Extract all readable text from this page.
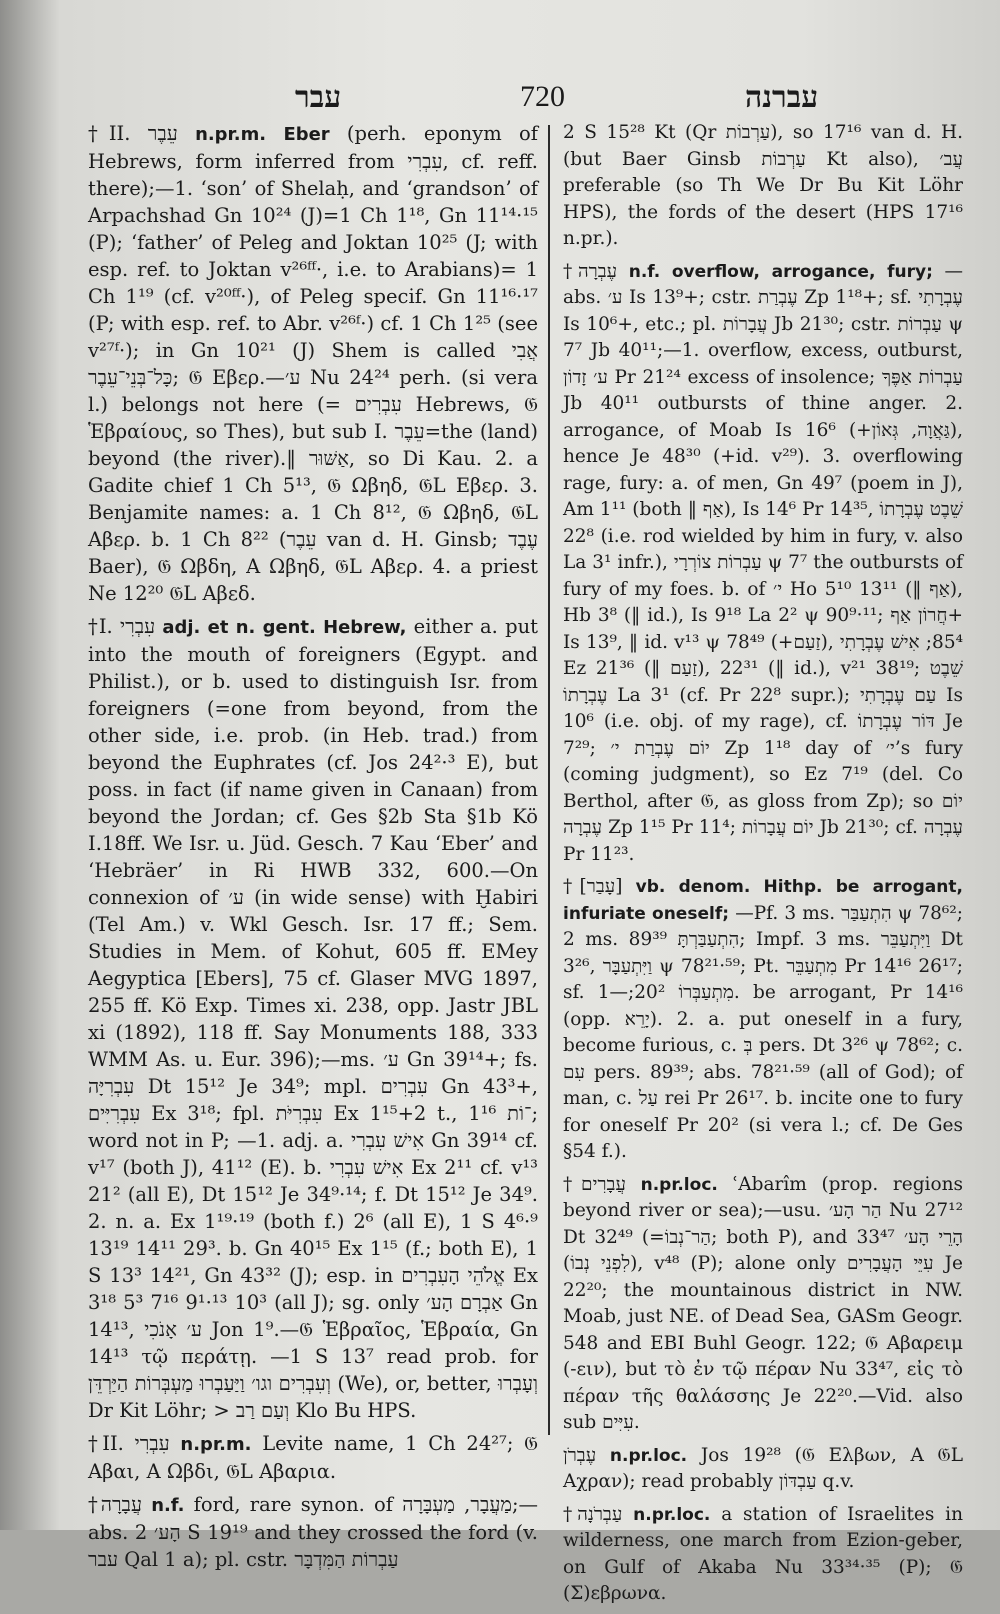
עבר	720	עברנה
†II. עֵבֶר n.pr.m. Eber (perh. eponym of Hebrews, form inferred from עִבְרִי, cf. reff. there);—1. ‘son’ of Shelaḥ, and ‘grandson’ of Arpachshad Gn 10²⁴ (J)=1 Ch 1¹⁸, Gn 11¹⁴·¹⁵ (P); ‘father’ of Peleg and Joktan 10²⁵ (J; with esp. ref. to Joktan v²⁶ᶠᶠ·, i.e. to Arabians)= 1 Ch 1¹⁹ (cf. v²⁰ᶠᶠ·), of Peleg specif. Gn 11¹⁶·¹⁷ (P; with esp. ref. to Abr. v²⁶ᶠ·) cf. 1 Ch 1²⁵ (see v²⁷ᶠ·); in Gn 10²¹ (J) Shem is called אֲבִי כָּל־בְּנֵי־עֵבֶר; 𝔊 Εβερ.—ע׳ Nu 24²⁴ perh. (si vera l.) belongs not here (= עִבְרִים Hebrews, 𝔊 Ἑβραίους, so Thes), but sub I. עֵבֶר=the (land) beyond (the river).‖ אַשּׁוּר, so Di Kau. 2. a Gadite chief 1 Ch 5¹³, 𝔊 Ωβηδ, 𝔊L Εβερ. 3. Benjamite names: a. 1 Ch 8¹², 𝔊 Ωβηδ, 𝔊L Αβερ. b. 1 Ch 8²² (עֵבֶר van d. H. Ginsb; עֶבֶד Baer), 𝔊 Ωβδη, A Ωβηδ, 𝔊L Αβερ. 4. a priest Ne 12²⁰ 𝔊L Αβεδ.
†I. עִבְרִי adj. et n. gent. Hebrew, either a. put into the mouth of foreigners (Egypt. and Philist.), or b. used to distinguish Isr. from foreigners (=one from beyond, from the other side, i.e. prob. (in Heb. trad.) from beyond the Euphrates (cf. Jos 24²·³ E), but poss. in fact (if name given in Canaan) from beyond the Jordan; cf. Ges §2b Sta §1b Kö I.18ff. We Isr. u. Jüd. Gesch. 7 Kau ‘Eber’ and ‘Hebräer’ in Ri HWB 332, 600.—On connexion of ע׳ (in wide sense) with Ḫabiri (Tel Am.) v. Wkl Gesch. Isr. 17 ff.; Sem. Studies in Mem. of Kohut, 605 ff. EMey Aegyptica [Ebers], 75 cf. Glaser MVG 1897, 255 ff. Kö Exp. Times xi. 238, opp. Jastr JBL xi (1892), 118 ff. Say Monuments 188, 333 WMM As. u. Eur. 396);—ms. ע׳ Gn 39¹⁴+; fs. עִבְרִיָּה Dt 15¹² Je 34⁹; mpl. עִבְרִים Gn 43³+, עִבְרִיִּים Ex 3¹⁸; fpl. עִבְרִיֹּת Ex 1¹⁵+2 t., ־וֹת 1¹⁶; word not in P; —1. adj. a. אִישׁ עִבְרִי Gn 39¹⁴ cf. v¹⁷ (both J), 41¹² (E). b. אִישׁ עִבְרִי Ex 2¹¹ cf. v¹³ 21² (all E), Dt 15¹² Je 34⁹·¹⁴; f. Dt 15¹² Je 34⁹. 2. n. a. Ex 1¹⁹·¹⁹ (both f.) 2⁶ (all E), 1 S 4⁶·⁹ 13¹⁹ 14¹¹ 29³. b. Gn 40¹⁵ Ex 1¹⁵ (f.; both E), 1 S 13³ 14²¹, Gn 43³² (J); esp. in אֱלֹהֵי הָעִבְרִים Ex 3¹⁸ 5³ 7¹⁶ 9¹·¹³ 10³ (all J); sg. only אַבְרָם הָע׳ Gn 14¹³, ע׳ אָנֹכִי Jon 1⁹.—𝔊 Ἑβραῖος, Ἑβραία, Gn 14¹³ τῷ περάτῃ. —1 S 13⁷ read prob. for וְעִבְרִים וגו׳ וַיַּעַבְרוּ מַעְבְּרוֹת הַיַּרְדֵּן (We), or, better, וְעָבְרוּ Dr Kit Löhr; > וְעַם רַב Klo Bu HPS.
†II. עִבְרִי n.pr.m. Levite name, 1 Ch 24²⁷; 𝔊 Αβαι, A Ωβδι, 𝔊L Αβαρια.
†עֲבָרָה n.f. ford, rare synon. of מַעֲבָר, מַעְבָּרָה;—abs. הָע׳ 2 S 19¹⁹ and they crossed the ford (v. עבר Qal 1 a); pl. cstr. עַבְרוֹת הַמִּדְבָּר
2 S 15²⁸ Kt (Qr עַרְבוֹת), so 17¹⁶ van d. H. (but Baer Ginsb עַרְבוֹת Kt also), עֲב׳ preferable (so Th We Dr Bu Kit Löhr HPS), the fords of the desert (HPS 17¹⁶ n.pr.).
†עֶבְרָה n.f. overflow, arrogance, fury; —abs. ע׳ Is 13⁹+; cstr. עֶבְרַת Zp 1¹⁸+; sf. עֶבְרָתִי Is 10⁶+, etc.; pl. עֲבָרוֹת Jb 21³⁰; cstr. עַבְרוֹת ψ 7⁷ Jb 40¹¹;—1. overflow, excess, outburst, ע׳ זָדוֹן Pr 21²⁴ excess of insolence; עַבְרוֹת אַפֶּךָ Jb 40¹¹ outbursts of thine anger. 2. arrogance, of Moab Is 16⁶ (+גַּאֲוָה, גְּאוֹן), hence Je 48³⁰ (+id. v²⁹). 3. overflowing rage, fury: a. of men, Gn 49⁷ (poem in J), Am 1¹¹ (both ‖ אַף), Is 14⁶ Pr 14³⁵, שֵׁבֶט עֶבְרָתוֹ 22⁸ (i.e. rod wielded by him in fury, v. also La 3¹ infr.), עַבְרוֹת צוֹרְרָי ψ 7⁷ the outbursts of fury of my foes. b. of י׳ Ho 5¹⁰ 13¹¹ (‖ אַף), Hb 3⁸ (‖ id.), Is 9¹⁸ La 2² ψ 90⁹·¹¹; חֲרוֹן אַף+ Is 13⁹, ‖ id. v¹³ ψ 78⁴⁹ (+זַעַם), 85⁴; אִישׁ עֶבְרָתִי Ez 21³⁶ (‖ זַעַם), 22³¹ (‖ id.), v²¹ 38¹⁹; שֵׁבֶט עֶבְרָתוֹ La 3¹ (cf. Pr 22⁸ supr.); עַם עֶבְרָתִי Is 10⁶ (i.e. obj. of my rage), cf. דּוֹר עֶבְרָתוֹ Je 7²⁹; יוֹם עֶבְרַת י׳ Zp 1¹⁸ day of י׳’s fury (coming judgment), so Ez 7¹⁹ (del. Co Berthol, after 𝔊, as gloss from Zp); so יוֹם עֶבְרָה Zp 1¹⁵ Pr 11⁴; יוֹם עֲבָרוֹת Jb 21³⁰; cf. עֶבְרָה Pr 11²³.
†[עָבַר] vb. denom. Hithp. be arrogant, infuriate oneself; —Pf. 3 ms. הִתְעַבַּר ψ 78⁶²; 2 ms. הִתְעַבַּרְתָּ 89³⁹; Impf. 3 ms. וַיִּתְעַבֵּר Dt 3²⁶, וַיִּתְעַבָּר ψ 78²¹·⁵⁹; Pt. מִתְעַבֵּר Pr 14¹⁶ 26¹⁷; sf. מִתְעַבְּרוֹ 20²;—1. be arrogant, Pr 14¹⁶ (opp. יָרֵא). 2. a. put oneself in a fury, become furious, c. בְּ pers. Dt 3²⁶ ψ 78⁶²; c. עִם pers. 89³⁹; abs. 78²¹·⁵⁹ (all of God); of man, c. עַל rei Pr 26¹⁷. b. incite one to fury for oneself Pr 20² (si vera l.; cf. De Ges §54 f.).
†עֲבָרִים n.pr.loc. ʿAbarîm (prop. regions beyond river or sea);—usu. הַר הָע׳ Nu 27¹² Dt 32⁴⁹ (=הַר־נְבוֹ; both P), and הָרֵי הָע׳ 33⁴⁷ (לִפְנֵי נְבוֹ), v⁴⁸ (P); alone only עִיֵּי הָעֲבָרִים Je 22²⁰; the mountainous district in NW. Moab, just NE. of Dead Sea, GASm Geogr. 548 and EBI Buhl Geogr. 122; 𝔊 Αβαρειμ (-ειν), but τὸ ἐν τῷ πέραν Nu 33⁴⁷, εἰς τὸ πέραν τῆς θαλάσσης Je 22²⁰.—Vid. also sub עִיִּים.
עֶבְרֹן n.pr.loc. Jos 19²⁸ (𝔊 Ελβων, A 𝔊L Αχραν); read probably עַבְדּוֹן q.v.
†עַבְרֹנָה n.pr.loc. a station of Israelites in wilderness, one march from Ezion-geber, on Gulf of Akaba Nu 33³⁴·³⁵ (P); 𝔊 (Σ)εβρωνα.
